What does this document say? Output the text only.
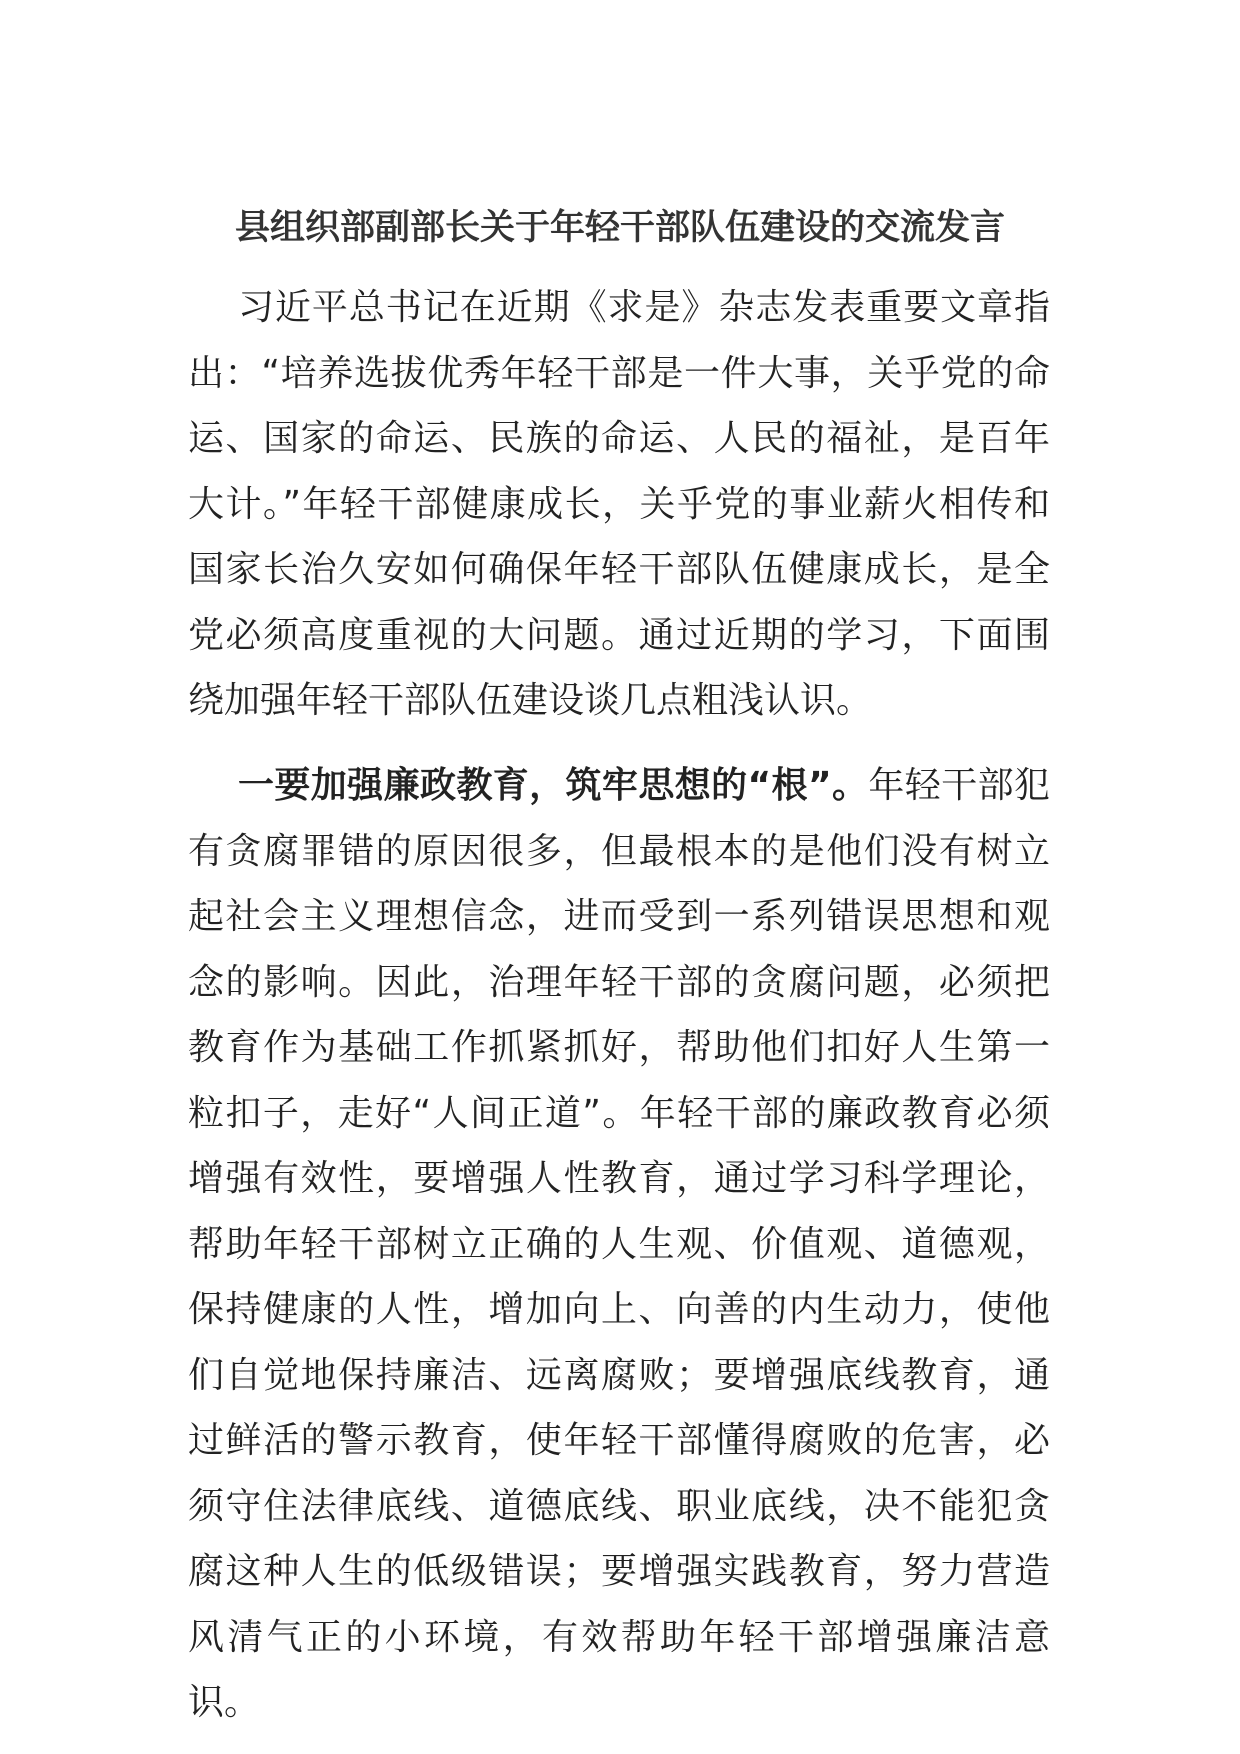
县组织部副部长关于年轻干部队伍建设的交流发言

习近平总书记在近期《求是》杂志发表重要文章指出：“培养选拔优秀年轻干部是一件大事，关乎党的命运、国家的命运、民族的命运、人民的福祉，是百年大计。”年轻干部健康成长，关乎党的事业薪火相传和国家长治久安如何确保年轻干部队伍健康成长，是全党必须高度重视的大问题。通过近期的学习，下面围绕加强年轻干部队伍建设谈几点粗浅认识。

一要加强廉政教育，筑牢思想的“根”。年轻干部犯有贪腐罪错的原因很多，但最根本的是他们没有树立起社会主义理想信念，进而受到一系列错误思想和观念的影响。因此，治理年轻干部的贪腐问题，必须把教育作为基础工作抓紧抓好，帮助他们扣好人生第一粒扣子，走好“人间正道”。年轻干部的廉政教育必须增强有效性，要增强人性教育，通过学习科学理论，帮助年轻干部树立正确的人生观、价值观、道德观，保持健康的人性，增加向上、向善的内生动力，使他们自觉地保持廉洁、远离腐败；要增强底线教育，通过鲜活的警示教育，使年轻干部懂得腐败的危害，必须守住法律底线、道德底线、职业底线，决不能犯贪腐这种人生的低级错误；要增强实践教育，努力营造风清气正的小环境，有效帮助年轻干部增强廉洁意识。
